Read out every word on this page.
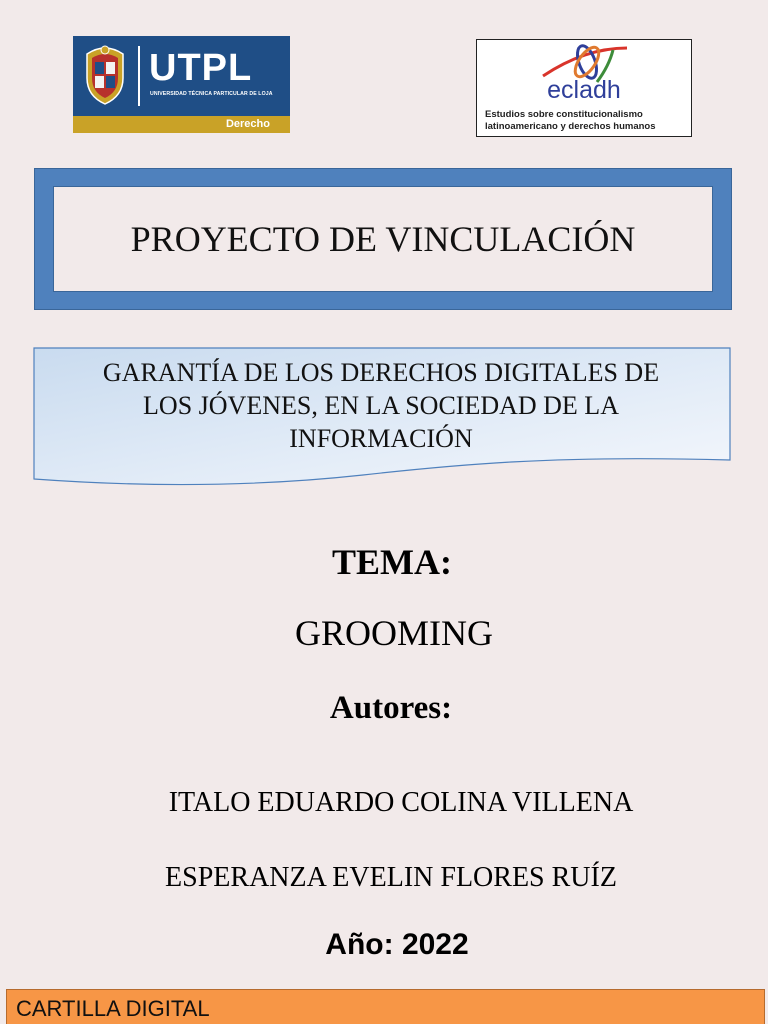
UTPL
UNIVERSIDAD TÉCNICA PARTICULAR DE LOJA
Derecho
ecladh
Estudios sobre constitucionalismo
latinoamericano y derechos humanos
PROYECTO DE VINCULACIÓN
GARANTÍA DE LOS DERECHOS DIGITALES DE
LOS JÓVENES, EN LA SOCIEDAD DE LA
INFORMACIÓN
TEMA:
GROOMING
Autores:
ITALO EDUARDO COLINA VILLENA
ESPERANZA EVELIN FLORES RUÍZ
Año: 2022
CARTILLA DIGITAL
